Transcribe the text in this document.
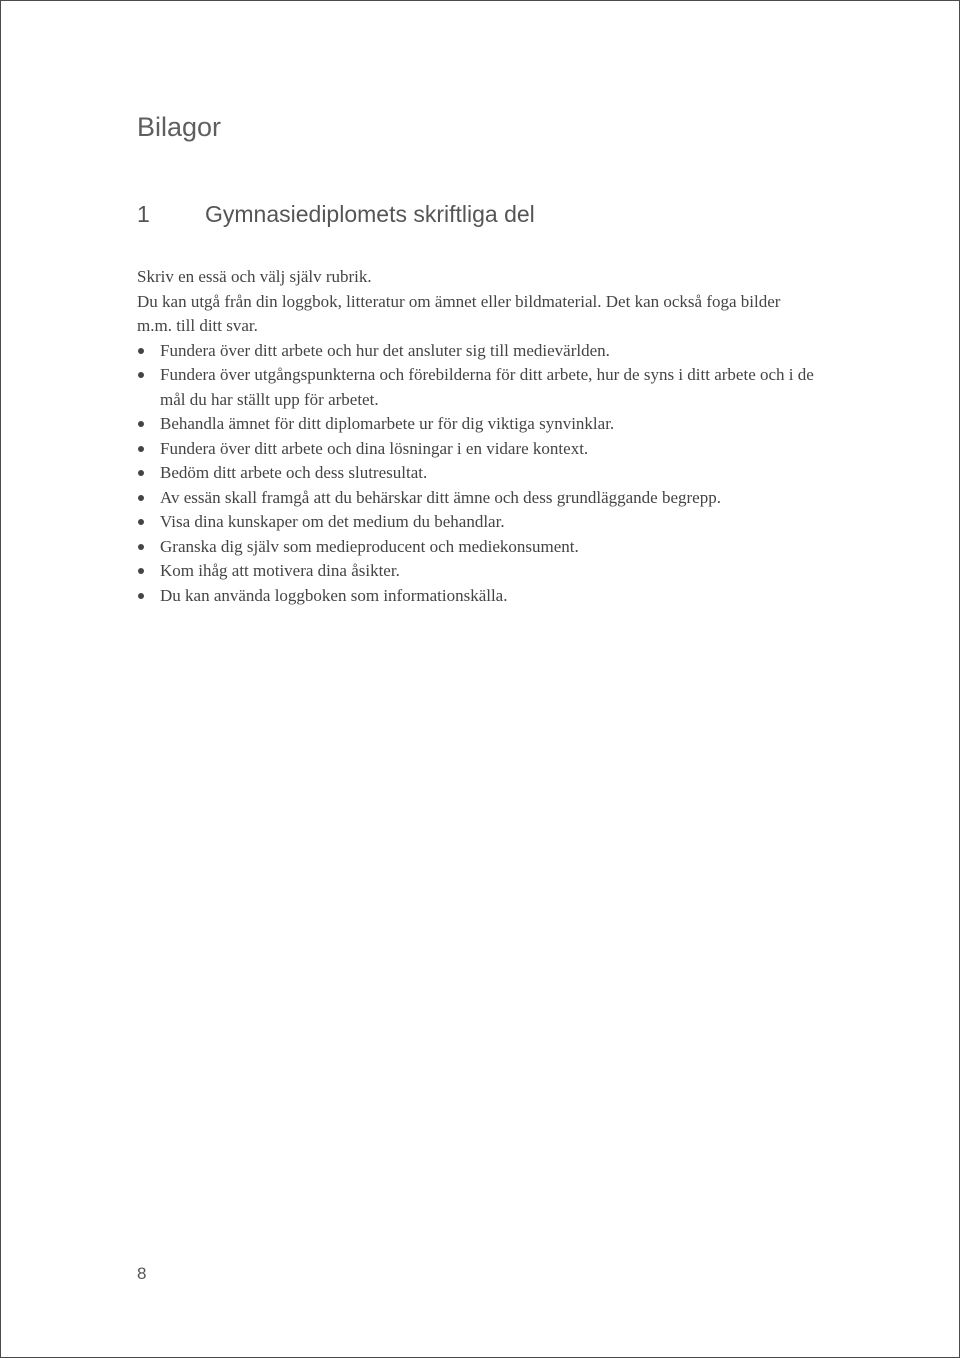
Bilagor
1	Gymnasiediplomets skriftliga del

Skriv en essä och välj själv rubrik.

Du kan utgå från din loggbok, litteratur om ämnet eller bildmaterial. Det kan också foga bilder m.m. till ditt svar.

Fundera över ditt arbete och hur det ansluter sig till medievärlden.
Fundera över utgångspunkterna och förebilderna för ditt arbete, hur de syns i ditt arbete och i de mål du har ställt upp för arbetet.
Behandla ämnet för ditt diplomarbete ur för dig viktiga synvinklar.
Fundera över ditt arbete och dina lösningar i en vidare kontext.
Bedöm ditt arbete och dess slutresultat.
Av essän skall framgå att du behärskar ditt ämne och dess grundläggande begrepp.
Visa dina kunskaper om det medium du behandlar.
Granska dig själv som medieproducent och mediekonsument.
Kom ihåg att motivera dina åsikter.
Du kan använda loggboken som informationskälla.
8
